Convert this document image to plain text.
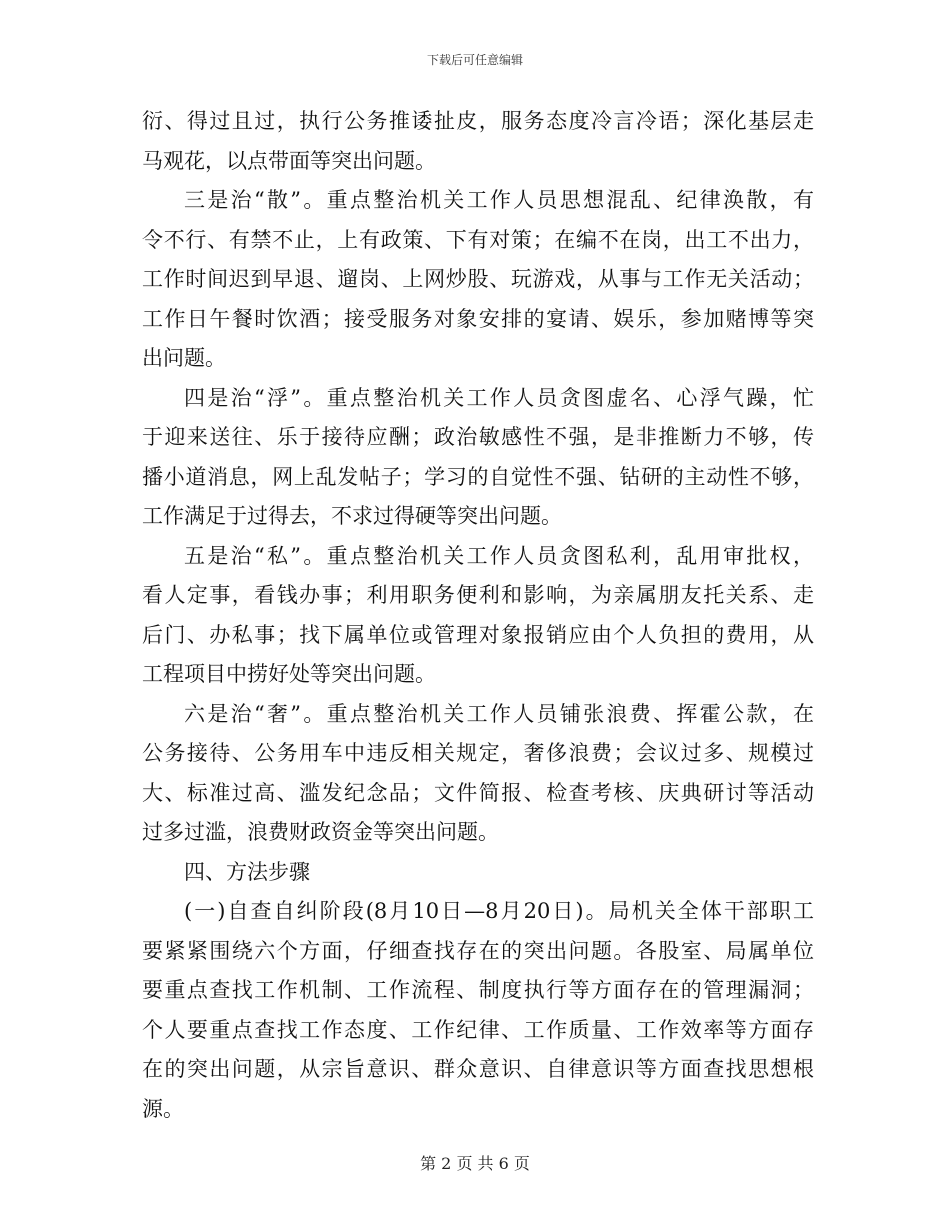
下载后可任意编辑
衍、得过且过，执行公务推诿扯皮，服务态度冷言冷语；深化基层走
马观花，以点带面等突出问题。
三是治“散”。重点整治机关工作人员思想混乱、纪律涣散，有
令不行、有禁不止，上有政策、下有对策；在编不在岗，出工不出力，
工作时间迟到早退、遛岗、上网炒股、玩游戏，从事与工作无关活动；
工作日午餐时饮酒；接受服务对象安排的宴请、娱乐，参加赌博等突
出问题。
四是治“浮”。重点整治机关工作人员贪图虚名、心浮气躁，忙
于迎来送往、乐于接待应酬；政治敏感性不强，是非推断力不够，传
播小道消息，网上乱发帖子；学习的自觉性不强、钻研的主动性不够，
工作满足于过得去，不求过得硬等突出问题。
五是治“私”。重点整治机关工作人员贪图私利，乱用审批权，
看人定事，看钱办事；利用职务便利和影响，为亲属朋友托关系、走
后门、办私事；找下属单位或管理对象报销应由个人负担的费用，从
工程项目中捞好处等突出问题。
六是治“奢”。重点整治机关工作人员铺张浪费、挥霍公款，在
公务接待、公务用车中违反相关规定，奢侈浪费；会议过多、规模过
大、标准过高、滥发纪念品；文件简报、检查考核、庆典研讨等活动
过多过滥，浪费财政资金等突出问题。
四、方法步骤
(一)自查自纠阶段(8月10日—8月20日)。局机关全体干部职工
要紧紧围绕六个方面，仔细查找存在的突出问题。各股室、局属单位
要重点查找工作机制、工作流程、制度执行等方面存在的管理漏洞；
个人要重点查找工作态度、工作纪律、工作质量、工作效率等方面存
在的突出问题，从宗旨意识、群众意识、自律意识等方面查找思想根
源。
第 2 页 共 6 页
